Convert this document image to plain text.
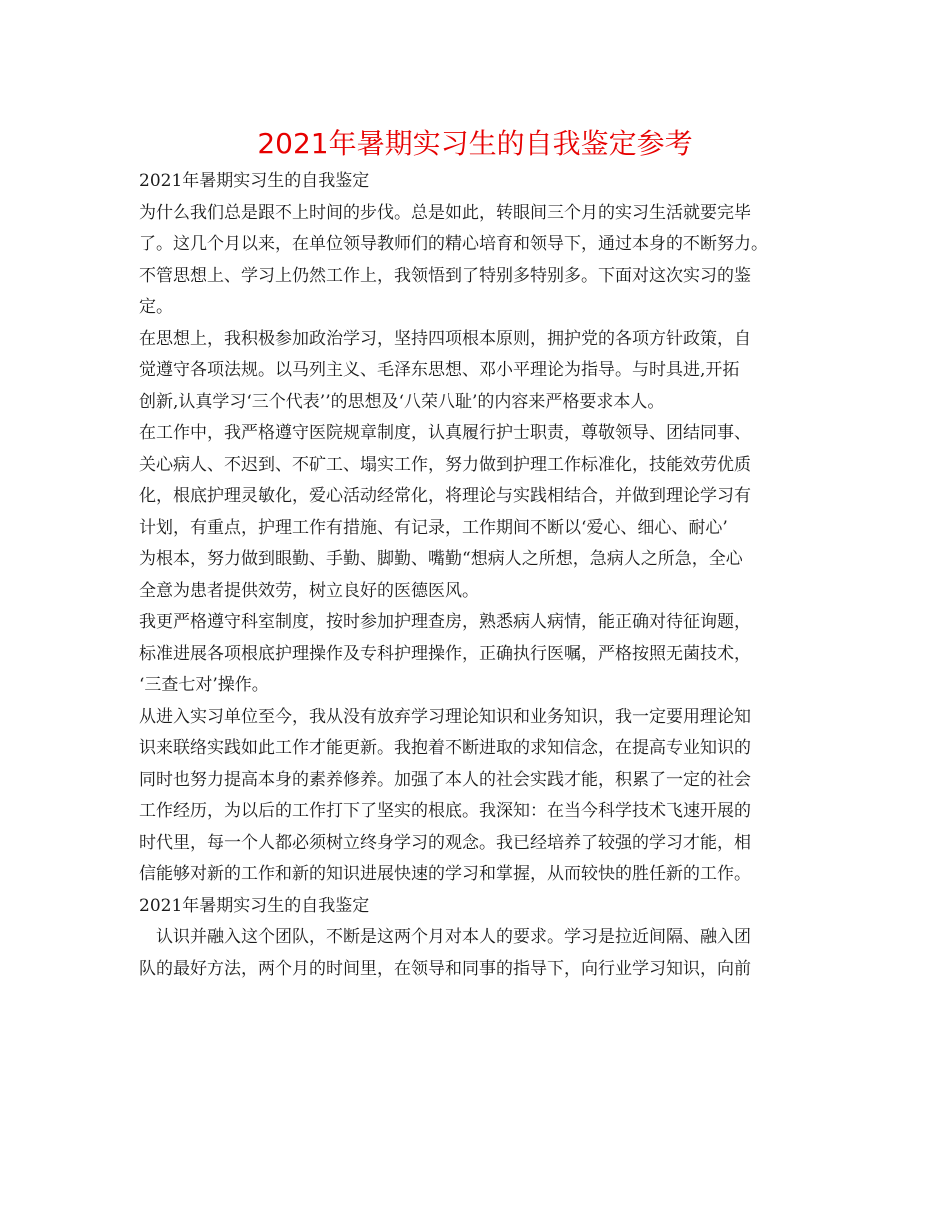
2021年暑期实习生的自我鉴定参考

2021年暑期实习生的自我鉴定

为什么我们总是跟不上时间的步伐。总是如此，转眼间三个月的实习生活就要完毕

了。这几个月以来，在单位领导教师们的精心培育和领导下，通过本身的不断努力。

不管思想上、学习上仍然工作上，我领悟到了特别多特别多。下面对这次实习的鉴

定。

在思想上，我积极参加政治学习，坚持四项根本原则，拥护党的各项方针政策，自

觉遵守各项法规。以马列主义、毛泽东思想、邓小平理论为指导。与时具进,开拓

创新,认真学习‘三个代表’’的思想及‘八荣八耻’的内容来严格要求本人。

在工作中，我严格遵守医院规章制度，认真履行护士职责，尊敬领导、团结同事、

关心病人、不迟到、不矿工、塌实工作，努力做到护理工作标准化，技能效劳优质

化，根底护理灵敏化，爱心活动经常化，将理论与实践相结合，并做到理论学习有

计划，有重点，护理工作有措施、有记录，工作期间不断以‘爱心、细心、耐心’

为根本，努力做到眼勤、手勤、脚勤、嘴勤“想病人之所想，急病人之所急，全心

全意为患者提供效劳，树立良好的医德医风。

我更严格遵守科室制度，按时参加护理查房，熟悉病人病情，能正确对待征询题，

标准进展各项根底护理操作及专科护理操作，正确执行医嘱，严格按照无菌技术，

‘三查七对’操作。

从进入实习单位至今，我从没有放弃学习理论知识和业务知识，我一定要用理论知

识来联络实践如此工作才能更新。我抱着不断进取的求知信念，在提高专业知识的

同时也努力提高本身的素养修养。加强了本人的社会实践才能，积累了一定的社会

工作经历，为以后的工作打下了坚实的根底。我深知：在当今科学技术飞速开展的

时代里，每一个人都必须树立终身学习的观念。我已经培养了较强的学习才能，相

信能够对新的工作和新的知识进展快速的学习和掌握，从而较快的胜任新的工作。

2021年暑期实习生的自我鉴定

认识并融入这个团队，不断是这两个月对本人的要求。学习是拉近间隔、融入团

队的最好方法，两个月的时间里，在领导和同事的指导下，向行业学习知识，向前
